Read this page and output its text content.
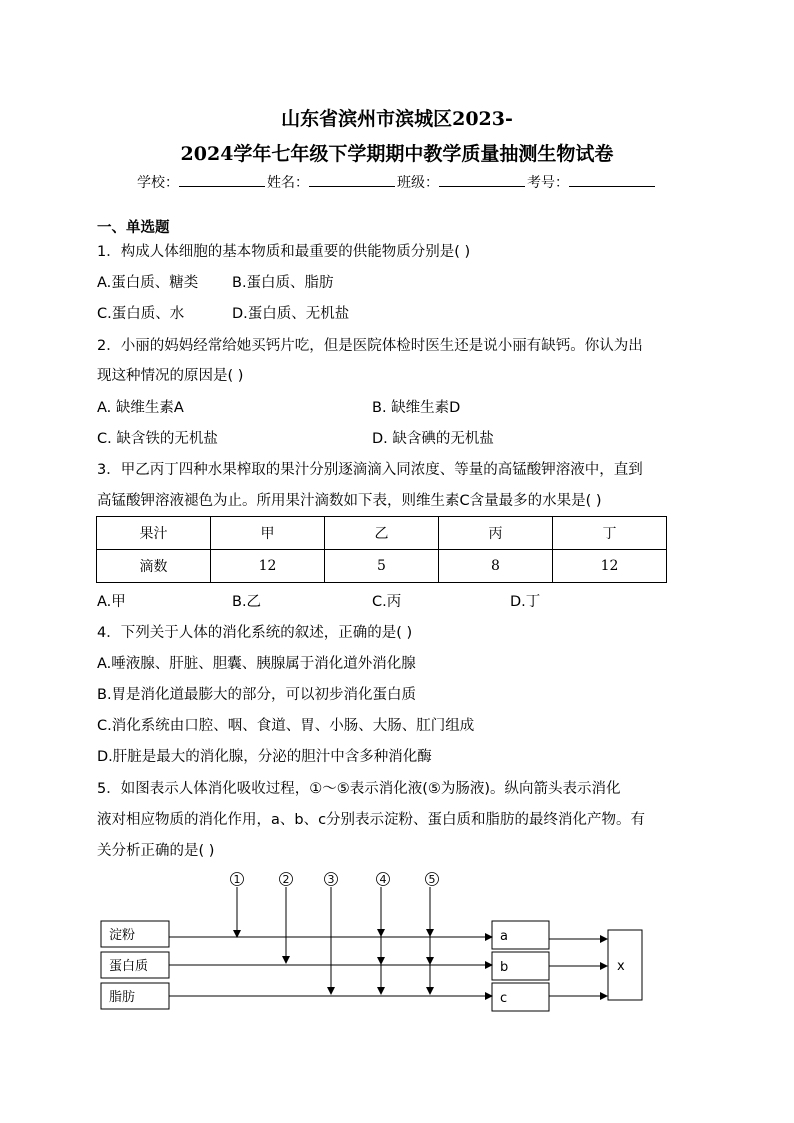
山东省滨州市滨城区2023-
2024学年七年级下学期期中教学质量抽测生物试卷
学校：	姓名：	班级：	考号：
一、单选题
1．构成人体细胞的基本物质和最重要的供能物质分别是( )
A.蛋白质、糖类 B.蛋白质、脂肪
C.蛋白质、水	D.蛋白质、无机盐
2．小丽的妈妈经常给她买钙片吃，但是医院体检时医生还是说小丽有缺钙。你认为出
现这种情况的原因是( )
A. 缺维生素A	B. 缺维生素D
C. 缺含铁的无机盐	D. 缺含碘的无机盐
3．甲乙丙丁四种水果榨取的果汁分别逐滴滴入同浓度、等量的高锰酸钾溶液中，直到
高锰酸钾溶液褪色为止。所用果汁滴数如下表，则维生素C含量最多的水果是( )
果汁	甲	乙	丙	丁
滴数	12	5	8	12
A.甲	B.乙	C.丙	D.丁
4．下列关于人体的消化系统的叙述，正确的是( )
A.唾液腺、肝脏、胆囊、胰腺属于消化道外消化腺
B.胃是消化道最膨大的部分，可以初步消化蛋白质
C.消化系统由口腔、咽、食道、胃、小肠、大肠、肛门组成
D.肝脏是最大的消化腺，分泌的胆汁中含多种消化酶
5．如图表示人体消化吸收过程，①～⑤表示消化液(⑤为肠液)。纵向箭头表示消化
液对相应物质的消化作用，a、b、c分别表示淀粉、蛋白质和脂肪的最终消化产物。有
关分析正确的是( )
淀粉
蛋白质
脂肪
a
b
c
x
1	2	3	4	5
